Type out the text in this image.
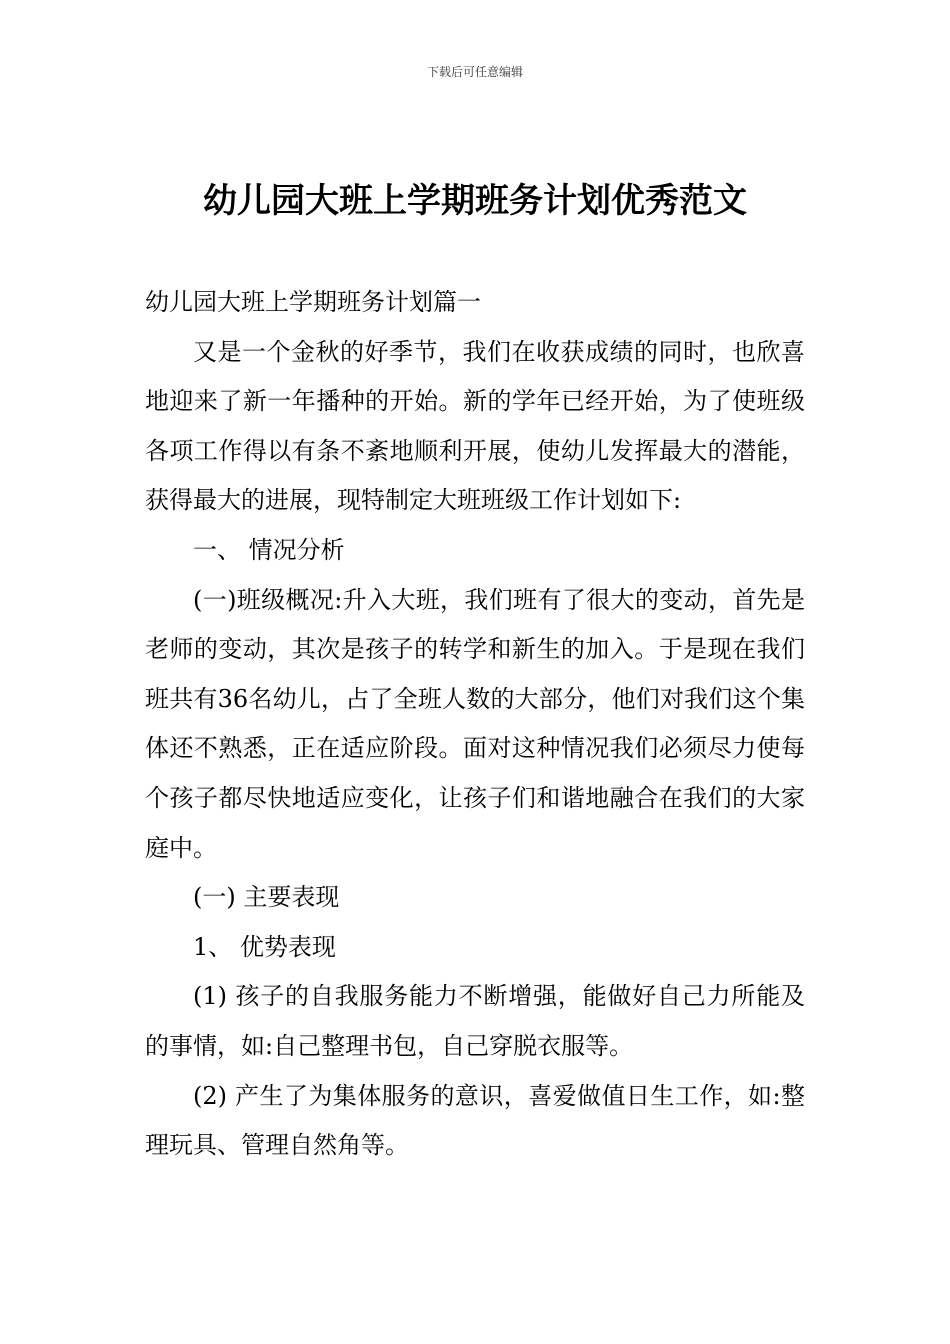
下载后可任意编辑
幼儿园大班上学期班务计划优秀范文

幼儿园大班上学期班务计划篇一

又是一个金秋的好季节，我们在收获成绩的同时，也欣喜地迎来了新一年播种的开始。新的学年已经开始，为了使班级各项工作得以有条不紊地顺利开展，使幼儿发挥最大的潜能，获得最大的进展，现特制定大班班级工作计划如下:

一、 情况分析

(一)班级概况:升入大班，我们班有了很大的变动，首先是老师的变动，其次是孩子的转学和新生的加入。于是现在我们班共有36名幼儿，占了全班人数的大部分，他们对我们这个集体还不熟悉，正在适应阶段。面对这种情况我们必须尽力使每个孩子都尽快地适应变化，让孩子们和谐地融合在我们的大家庭中。

(一) 主要表现

1、 优势表现

(1) 孩子的自我服务能力不断增强，能做好自己力所能及的事情，如:自己整理书包，自己穿脱衣服等。

(2) 产生了为集体服务的意识，喜爱做值日生工作，如:整理玩具、管理自然角等。
